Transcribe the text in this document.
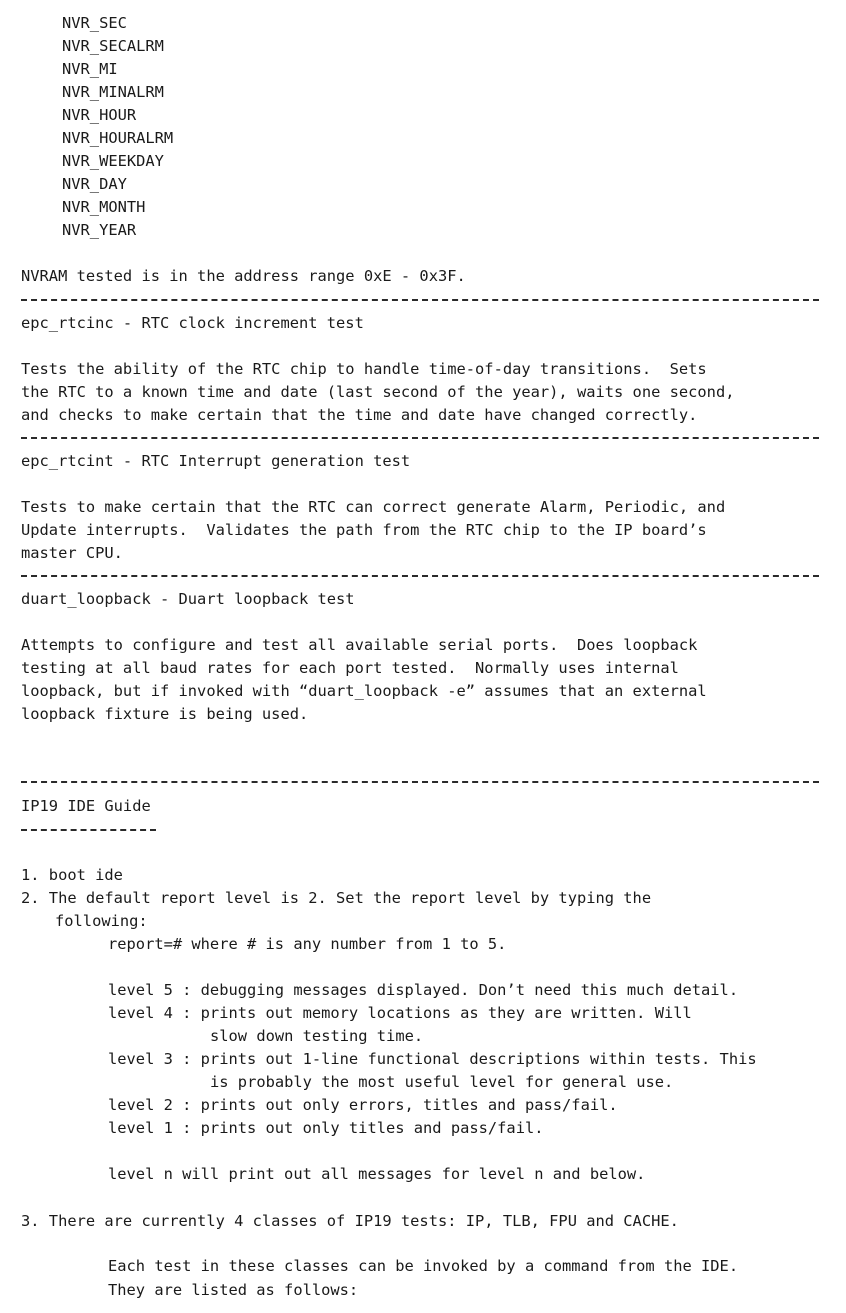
NVR_SEC
NVR_SECALRM
NVR_MI
NVR_MINALRM
NVR_HOUR
NVR_HOURALRM
NVR_WEEKDAY
NVR_DAY
NVR_MONTH
NVR_YEAR
NVRAM tested is in the address range 0xE - 0x3F.
epc_rtcinc - RTC clock increment test
Tests the ability of the RTC chip to handle time-of-day transitions.  Sets
the RTC to a known time and date (last second of the year), waits one second,
and checks to make certain that the time and date have changed correctly.
epc_rtcint - RTC Interrupt generation test
Tests to make certain that the RTC can correct generate Alarm, Periodic, and
Update interrupts.  Validates the path from the RTC chip to the IP board’s
master CPU.
duart_loopback - Duart loopback test
Attempts to configure and test all available serial ports.  Does loopback
testing at all baud rates for each port tested.  Normally uses internal
loopback, but if invoked with “duart_loopback -e” assumes that an external
loopback fixture is being used.
IP19 IDE Guide
1. boot ide
2. The default report level is 2. Set the report level by typing the
following:
report=# where # is any number from 1 to 5.
level 5 : debugging messages displayed. Don’t need this much detail.
level 4 : prints out memory locations as they are written. Will
slow down testing time.
level 3 : prints out 1-line functional descriptions within tests. This
is probably the most useful level for general use.
level 2 : prints out only errors, titles and pass/fail.
level 1 : prints out only titles and pass/fail.
level n will print out all messages for level n and below.
3. There are currently 4 classes of IP19 tests: IP, TLB, FPU and CACHE.
Each test in these classes can be invoked by a command from the IDE.
They are listed as follows:
